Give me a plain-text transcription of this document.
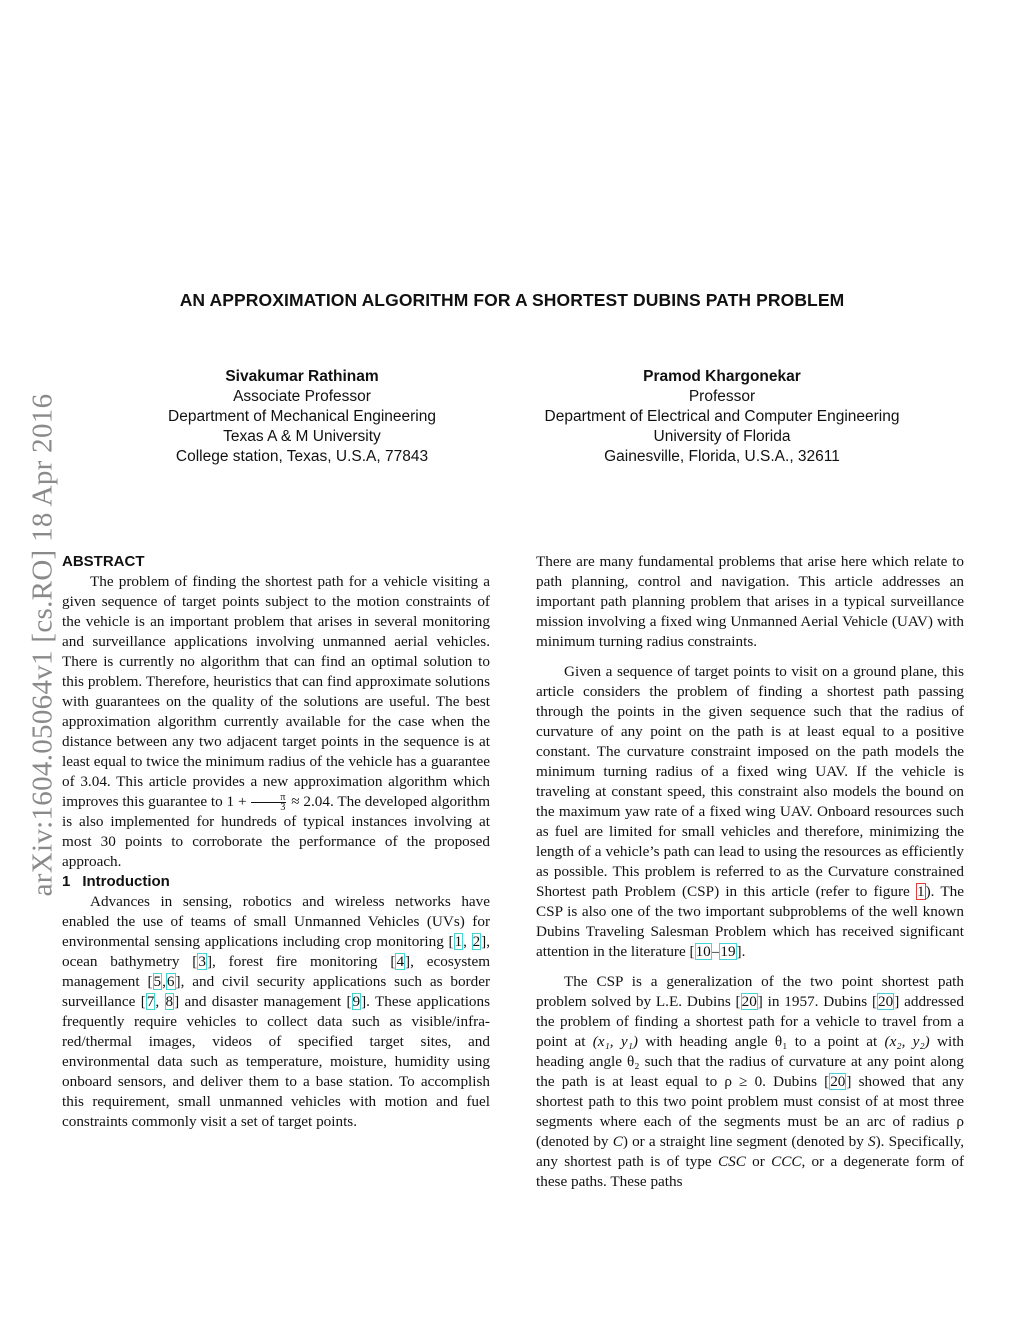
arXiv:1604.05064v1 [cs.RO] 18 Apr 2016
AN APPROXIMATION ALGORITHM FOR A SHORTEST DUBINS PATH PROBLEM
Sivakumar Rathinam
Associate Professor
Department of Mechanical Engineering
Texas A & M University
College station, Texas, U.S.A, 77843
Pramod Khargonekar
Professor
Department of Electrical and Computer Engineering
University of Florida
Gainesville, Florida, U.S.A., 32611
ABSTRACT

The problem of finding the shortest path for a vehicle visiting a given sequence of target points subject to the motion constraints of the vehicle is an important problem that arises in several monitoring and surveillance applications involving unmanned aerial vehicles. There is currently no algorithm that can find an optimal solution to this problem. Therefore, heuristics that can find approximate solutions with guarantees on the quality of the solutions are useful. The best approximation algorithm currently available for the case when the distance between any two adjacent target points in the sequence is at least equal to twice the minimum radius of the vehicle has a guarantee of 3.04. This article provides a new approximation algorithm which improves this guarantee to $1 + \frac{\pi}{3} \approx 2.04$. The developed algorithm is also implemented for hundreds of typical instances involving at most 30 points to corroborate the performance of the proposed approach.

1 Introduction

Advances in sensing, robotics and wireless networks have enabled the use of teams of small Unmanned Vehicles (UVs) for environmental sensing applications including crop monitoring [1, 2], ocean bathymetry [3], forest fire monitoring [4], ecosystem management [5,6], and civil security applications such as border surveillance [7, 8] and disaster management [9]. These applications frequently require vehicles to collect data such as visible/infra-red/thermal images, videos of specified target sites, and environmental data such as temperature, moisture, humidity using onboard sensors, and deliver them to a base station. To accomplish this requirement, small unmanned vehicles with motion and fuel constraints commonly visit a set of target points.

There are many fundamental problems that arise here which relate to path planning, control and navigation. This article addresses an important path planning problem that arises in a typical surveillance mission involving a fixed wing Unmanned Aerial Vehicle (UAV) with minimum turning radius constraints.

Given a sequence of target points to visit on a ground plane, this article considers the problem of finding a shortest path passing through the points in the given sequence such that the radius of curvature of any point on the path is at least equal to a positive constant. The curvature constraint imposed on the path models the minimum turning radius of a fixed wing UAV. If the vehicle is traveling at constant speed, this constraint also models the bound on the maximum yaw rate of a fixed wing UAV. Onboard resources such as fuel are limited for small vehicles and therefore, minimizing the length of a vehicle’s path can lead to using the resources as efficiently as possible. This problem is referred to as the Curvature constrained Shortest path Problem (CSP) in this article (refer to figure 1). The CSP is also one of the two important subproblems of the well known Dubins Traveling Salesman Problem which has received significant attention in the literature [10–19].

The CSP is a generalization of the two point shortest path problem solved by L.E. Dubins [20] in 1957. Dubins [20] addressed the problem of finding a shortest path for a vehicle to travel from a point at (x₁, y₁) with heading angle θ₁ to a point at (x₂, y₂) with heading angle θ₂ such that the radius of curvature at any point along the path is at least equal to ρ ≥ 0. Dubins [20] showed that any shortest path to this two point problem must consist of at most three segments where each of the segments must be an arc of radius ρ (denoted by C) or a straight line segment (denoted by S). Specifically, any shortest path is of type CSC or CCC, or a degenerate form of these paths. These paths
